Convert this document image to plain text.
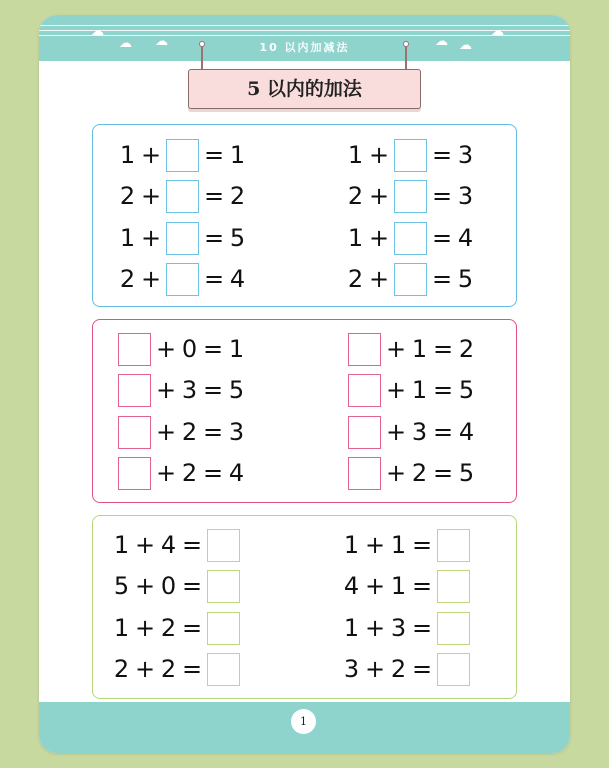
☁
☁ ☁	☁ ☁
☁
10 以内加减法
5 以内的加法
1 + = 1
2 + = 2
1 + = 5
2 + = 4
1 + = 3
2 + = 3
1 + = 4
2 + = 5
+ 0 = 1
+ 3 = 5
+ 2 = 3
+ 2 = 4
+ 1 = 2
+ 1 = 5
+ 3 = 4
+ 2 = 5
1 + 4 =
5 + 0 =
1 + 2 =
2 + 2 =
1 + 1 =
4 + 1 =
1 + 3 =
3 + 2 =
1
